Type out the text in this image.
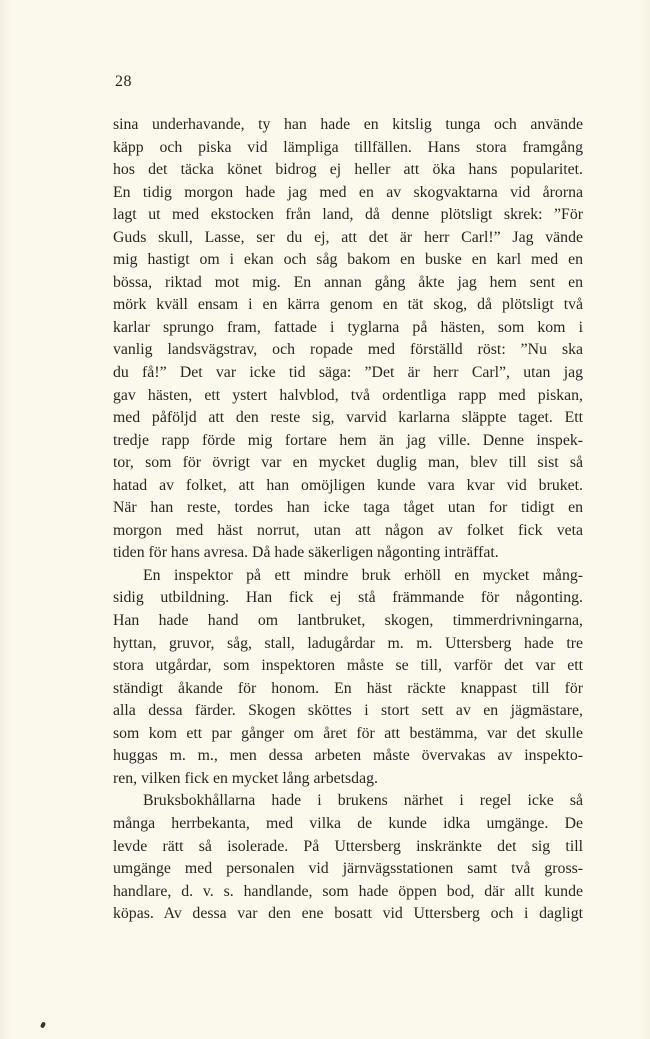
28
sina underhavande, ty han hade en kitslig tunga och använde
käpp och piska vid lämpliga tillfällen. Hans stora framgång
hos det täcka könet bidrog ej heller att öka hans popularitet.
En tidig morgon hade jag med en av skogvaktarna vid årorna
lagt ut med ekstocken från land, då denne plötsligt skrek: ”För
Guds skull, Lasse, ser du ej, att det är herr Carl!” Jag vände
mig hastigt om i ekan och såg bakom en buske en karl med en
bössa, riktad mot mig. En annan gång åkte jag hem sent en
mörk kväll ensam i en kärra genom en tät skog, då plötsligt två
karlar sprungo fram, fattade i tyglarna på hästen, som kom i
vanlig landsvägstrav, och ropade med förställd röst: ”Nu ska
du få!” Det var icke tid säga: ”Det är herr Carl”, utan jag
gav hästen, ett ystert halvblod, två ordentliga rapp med piskan,
med påföljd att den reste sig, varvid karlarna släppte taget. Ett
tredje rapp förde mig fortare hem än jag ville. Denne inspek-
tor, som för övrigt var en mycket duglig man, blev till sist så
hatad av folket, att han omöjligen kunde vara kvar vid bruket.
När han reste, tordes han icke taga tåget utan for tidigt en
morgon med häst norrut, utan att någon av folket fick veta
tiden för hans avresa. Då hade säkerligen någonting inträffat.
En inspektor på ett mindre bruk erhöll en mycket mång-
sidig utbildning. Han fick ej stå främmande för någonting.
Han hade hand om lantbruket, skogen, timmerdrivningarna,
hyttan, gruvor, såg, stall, ladugårdar m. m. Uttersberg hade tre
stora utgårdar, som inspektoren måste se till, varför det var ett
ständigt åkande för honom. En häst räckte knappast till för
alla dessa färder. Skogen sköttes i stort sett av en jägmästare,
som kom ett par gånger om året för att bestämma, var det skulle
huggas m. m., men dessa arbeten måste övervakas av inspekto-
ren, vilken fick en mycket lång arbetsdag.
Bruksbokhållarna hade i brukens närhet i regel icke så
många herrbekanta, med vilka de kunde idka umgänge. De
levde rätt så isolerade. På Uttersberg inskränkte det sig till
umgänge med personalen vid järnvägsstationen samt två gross-
handlare, d. v. s. handlande, som hade öppen bod, där allt kunde
köpas. Av dessa var den ene bosatt vid Uttersberg och i dagligt
